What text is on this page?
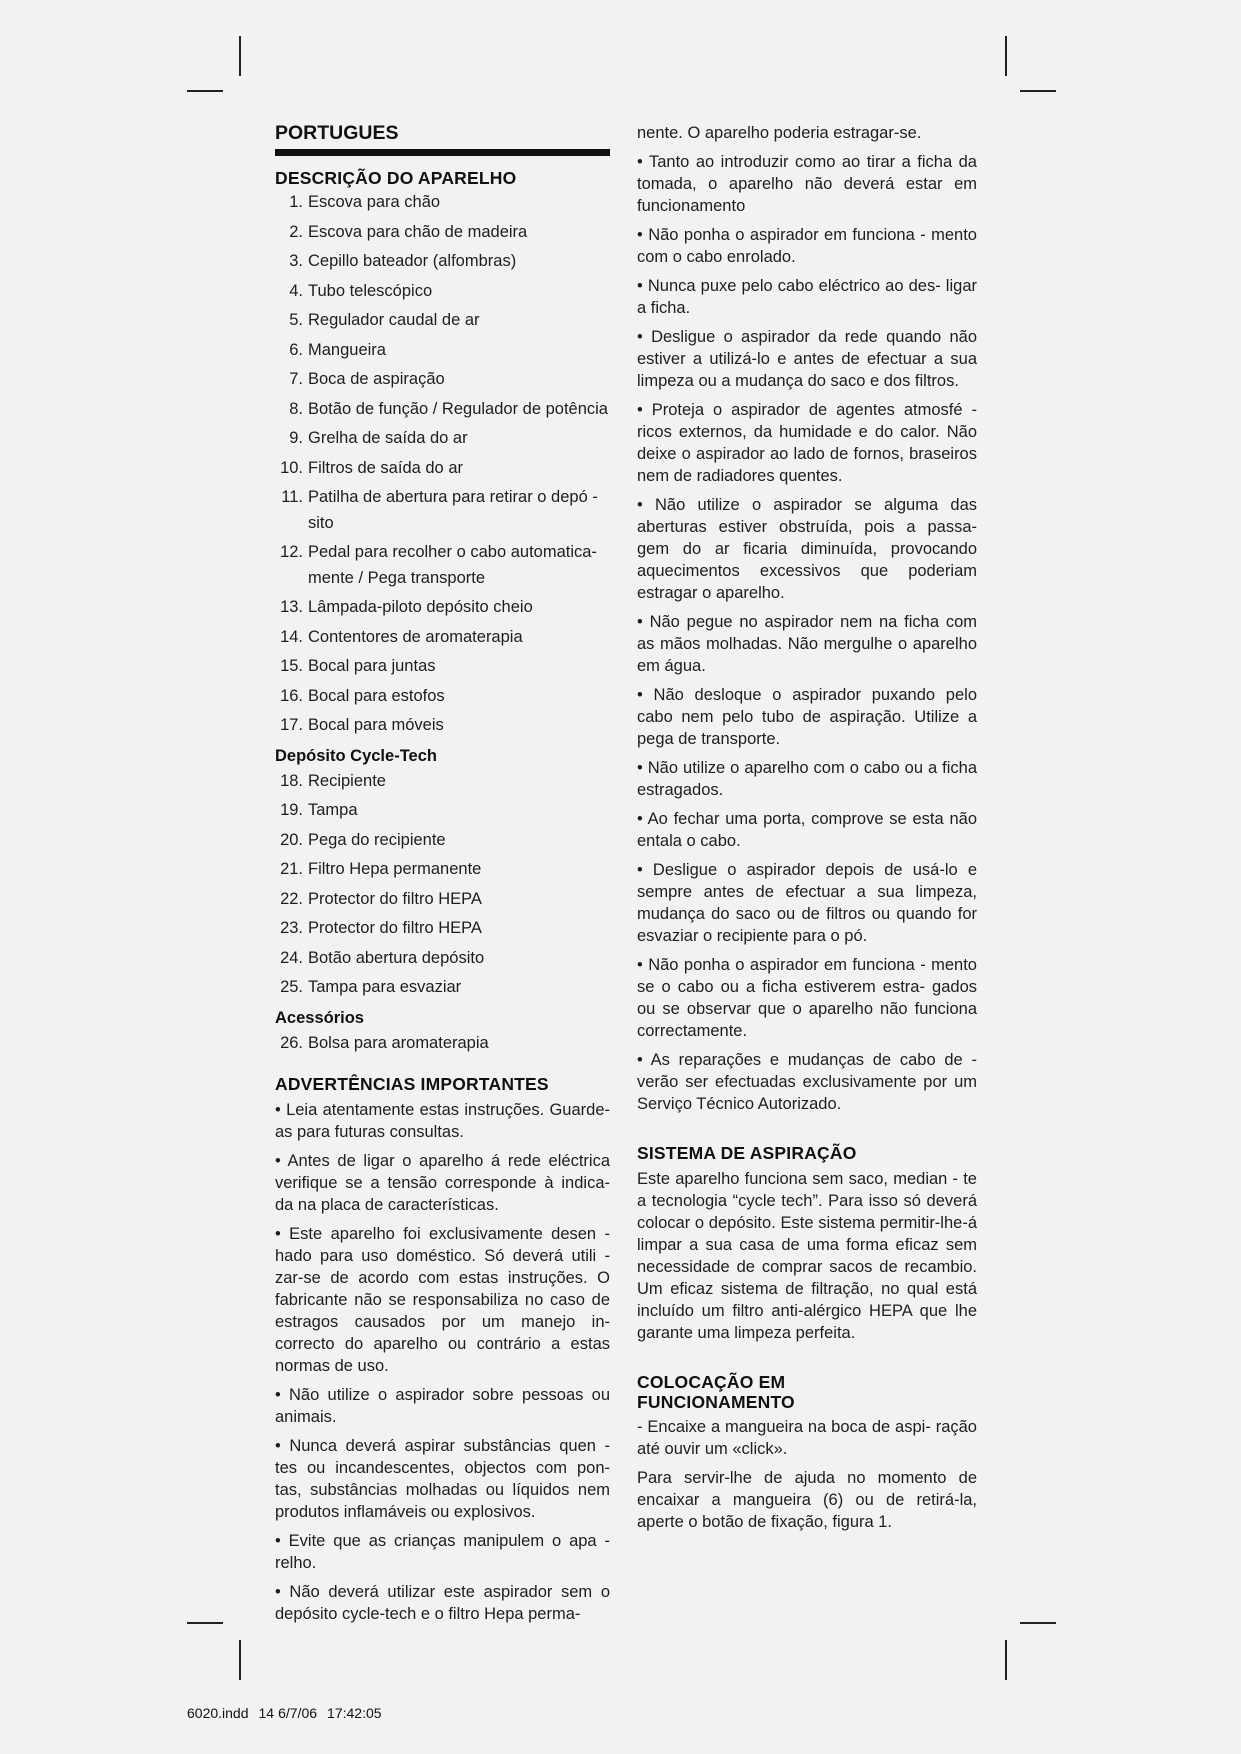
PORTUGUES
DESCRIÇÃO DO APARELHO
1. Escova para chão
2. Escova para chão de madeira
3. Cepillo bateador (alfombras)
4. Tubo telescópico
5. Regulador caudal de ar
6. Mangueira
7. Boca de aspiração
8. Botão de função / Regulador de potência
9. Grelha de saída do ar
10. Filtros de saída do ar
11. Patilha de abertura para retirar o depó - sito
12. Pedal para recolher o cabo automatica- mente / Pega transporte
13. Lâmpada-piloto depósito cheio
14. Contentores de aromaterapia
15. Bocal para juntas
16. Bocal para estofos
17. Bocal para móveis
Depósito Cycle-Tech
18. Recipiente
19. Tampa
20. Pega do recipiente
21. Filtro Hepa permanente
22. Protector do filtro HEPA
23. Protector do filtro HEPA
24. Botão abertura depósito
25. Tampa para esvaziar
Acessórios
26. Bolsa para aromaterapia
ADVERTÊNCIAS IMPORTANTES

• Leia atentamente estas instruções. Guarde-as para futuras consultas.

• Antes de ligar o aparelho á rede eléctrica verifique se a tensão corresponde à indica- da na placa de características.

• Este aparelho foi exclusivamente desen - hado para uso doméstico. Só deverá utili - zar-se de acordo com estas instruções. O fabricante não se responsabiliza no caso de estragos causados por um manejo in- correcto do aparelho ou contrário a estas normas de uso.

• Não utilize o aspirador sobre pessoas ou animais.

• Nunca deverá aspirar substâncias quen - tes ou incandescentes, objectos com pon- tas, substâncias molhadas ou líquidos nem produtos inflamáveis ou explosivos.

• Evite que as crianças manipulem o apa - relho.

• Não deverá utilizar este aspirador sem o depósito cycle-tech e o filtro Hepa perma-

nente. O aparelho poderia estragar-se.

• Tanto ao introduzir como ao tirar a ficha da tomada, o aparelho não deverá estar em funcionamento

• Não ponha o aspirador em funciona - mento com o cabo enrolado.

• Nunca puxe pelo cabo eléctrico ao des- ligar a ficha.

• Desligue o aspirador da rede quando não estiver a utilizá-lo e antes de efectuar a sua limpeza ou a mudança do saco e dos filtros.

• Proteja o aspirador de agentes atmosfé - ricos externos, da humidade e do calor. Não deixe o aspirador ao lado de fornos, braseiros nem de radiadores quentes.

• Não utilize o aspirador se alguma das aberturas estiver obstruída, pois a passa- gem do ar ficaria diminuída, provocando aquecimentos excessivos que poderiam estragar o aparelho.

• Não pegue no aspirador nem na ficha com as mãos molhadas. Não mergulhe o aparelho em água.

• Não desloque o aspirador puxando pelo cabo nem pelo tubo de aspiração. Utilize a pega de transporte.

• Não utilize o aparelho com o cabo ou a ficha estragados.

• Ao fechar uma porta, comprove se esta não entala o cabo.

• Desligue o aspirador depois de usá-lo e sempre antes de efectuar a sua limpeza, mudança do saco ou de filtros ou quando for esvaziar o recipiente para o pó.

• Não ponha o aspirador em funciona - mento se o cabo ou a ficha estiverem estra- gados ou se observar que o aparelho não funciona correctamente.

• As reparações e mudanças de cabo de - verão ser efectuadas exclusivamente por um Serviço Técnico Autorizado.

SISTEMA DE ASPIRAÇÃO

Este aparelho funciona sem saco, median - te a tecnologia “cycle tech”. Para isso só deverá colocar o depósito. Este sistema permitir-lhe-á limpar a sua casa de uma forma eficaz sem necessidade de comprar sacos de recambio. Um eficaz sistema de filtração, no qual está incluído um filtro anti-alérgico HEPA que lhe garante uma limpeza perfeita.

COLOCAÇÃO EM
FUNCIONAMENTO

- Encaixe a mangueira na boca de aspi- ração até ouvir um «click».

Para servir-lhe de ajuda no momento de encaixar a mangueira (6) ou de retirá-la, aperte o botão de fixação, figura 1.

6020.indd 14 6/7/06 17:42:05
